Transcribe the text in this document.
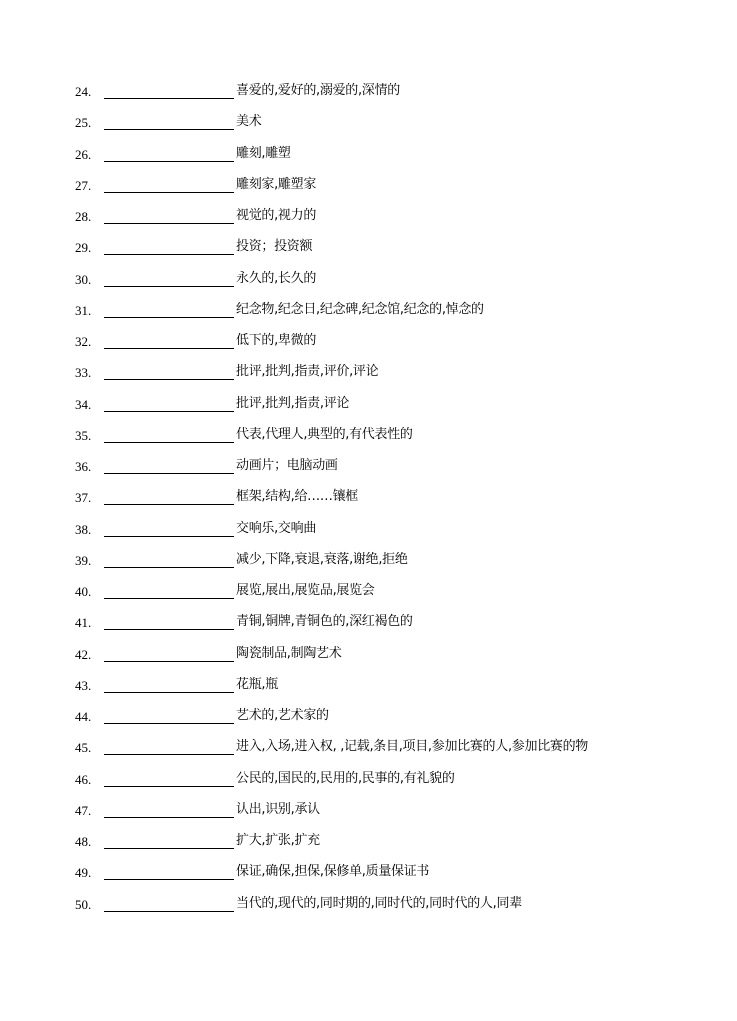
24.	喜爱的,爱好的,溺爱的,深情的
25.	美术
26.	雕刻,雕塑
27.	雕刻家,雕塑家
28.	视觉的,视力的
29.	投资；投资额
30.	永久的,长久的
31.	纪念物,纪念日,纪念碑,纪念馆,纪念的,悼念的
32.	低下的,卑微的
33.	批评,批判,指责,评价,评论
34.	批评,批判,指责,评论
35.	代表,代理人,典型的,有代表性的
36.	动画片；电脑动画
37.	框架,结构,给……镶框
38.	交响乐,交响曲
39.	减少,下降,衰退,衰落,谢绝,拒绝
40.	展览,展出,展览品,展览会
41.	青铜,铜牌,青铜色的,深红褐色的
42.	陶瓷制品,制陶艺术
43.	花瓶,瓶
44.	艺术的,艺术家的
45.	进入,入场,进入权, ,记载,条目,项目,参加比赛的人,参加比赛的物
46.	公民的,国民的,民用的,民事的,有礼貌的
47.	认出,识别,承认
48.	扩大,扩张,扩充
49.	保证,确保,担保,保修单,质量保证书
50.	当代的,现代的,同时期的,同时代的,同时代的人,同辈
